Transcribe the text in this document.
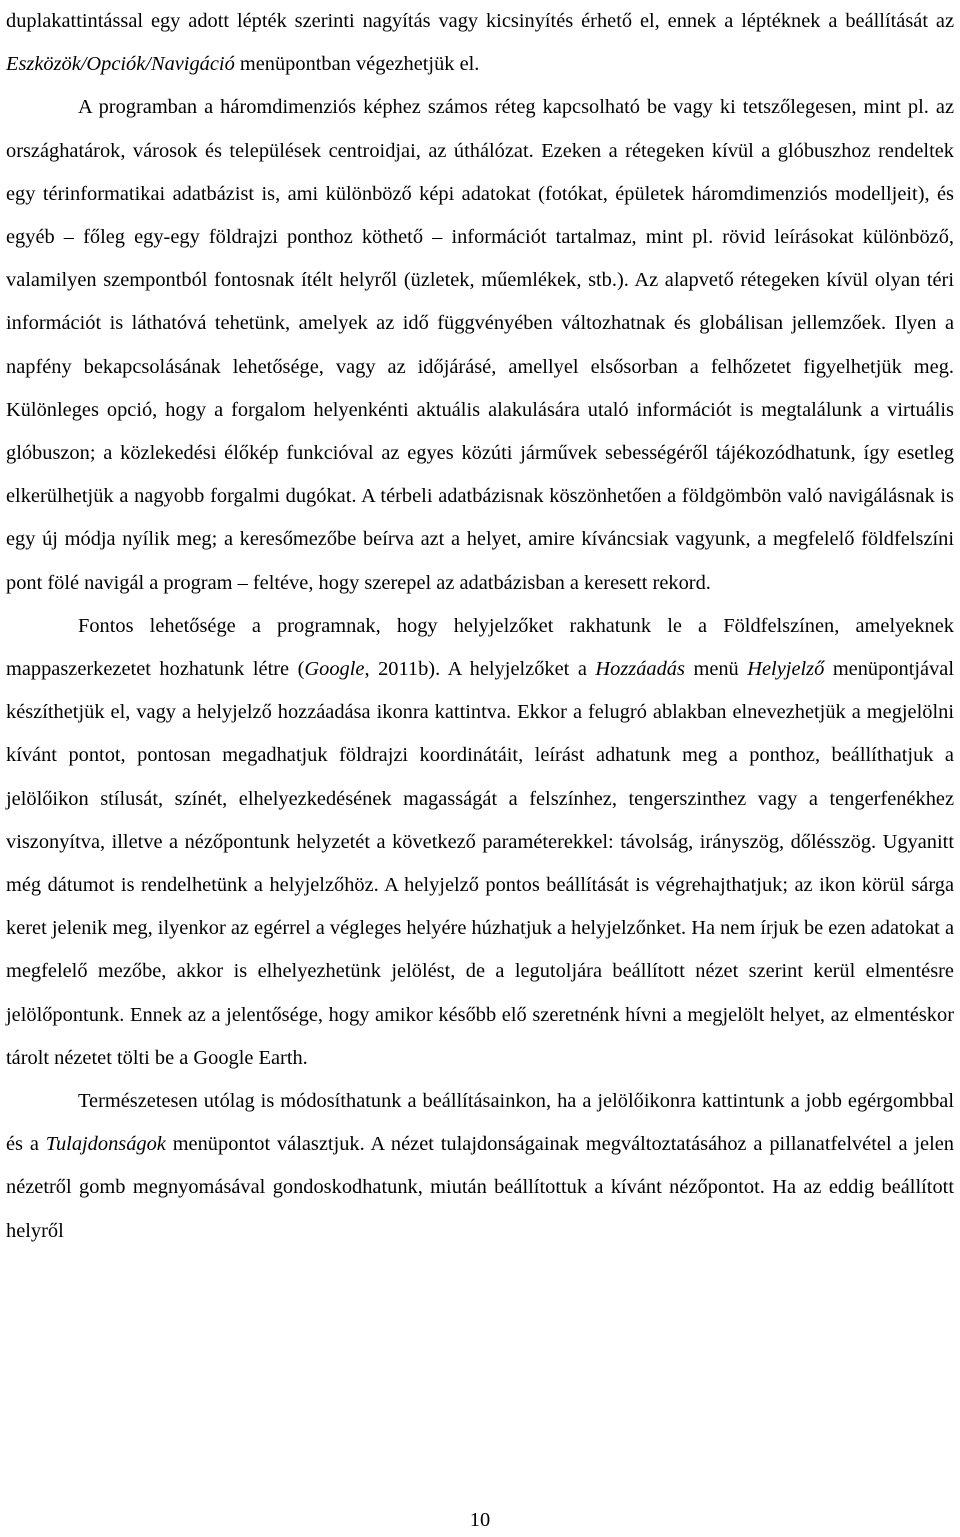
duplakattintással egy adott lépték szerinti nagyítás vagy kicsinyítés érhető el, ennek a léptéknek a beállítását az Eszközök/Opciók/Navigáció menüpontban végezhetjük el.

A programban a háromdimenziós képhez számos réteg kapcsolható be vagy ki tetszőlegesen, mint pl. az országhatárok, városok és települések centroidjai, az úthálózat. Ezeken a rétegeken kívül a glóbuszhoz rendeltek egy térinformatikai adatbázist is, ami különböző képi adatokat (fotókat, épületek háromdimenziós modelljeit), és egyéb – főleg egy-egy földrajzi ponthoz köthető – információt tartalmaz, mint pl. rövid leírásokat különböző, valamilyen szempontból fontosnak ítélt helyről (üzletek, műemlékek, stb.). Az alapvető rétegeken kívül olyan téri információt is láthatóvá tehetünk, amelyek az idő függvényében változhatnak és globálisan jellemzőek. Ilyen a napfény bekapcsolásának lehetősége, vagy az időjárásé, amellyel elsősorban a felhőzetet figyelhetjük meg. Különleges opció, hogy a forgalom helyenkénti aktuális alakulására utaló információt is megtalálunk a virtuális glóbuszon; a közlekedési élőkép funkcióval az egyes közúti járművek sebességéről tájékozódhatunk, így esetleg elkerülhetjük a nagyobb forgalmi dugókat. A térbeli adatbázisnak köszönhetően a földgömbön való navigálásnak is egy új módja nyílik meg; a keresőmezőbe beírva azt a helyet, amire kíváncsiak vagyunk, a megfelelő földfelszíni pont fölé navigál a program – feltéve, hogy szerepel az adatbázisban a keresett rekord.

Fontos lehetősége a programnak, hogy helyjelzőket rakhatunk le a Földfelszínen, amelyeknek mappaszerkezetet hozhatunk létre (Google, 2011b). A helyjelzőket a Hozzáadás menü Helyjelző menüpontjával készíthetjük el, vagy a helyjelző hozzáadása ikonra kattintva. Ekkor a felugró ablakban elnevezhetjük a megjelölni kívánt pontot, pontosan megadhatjuk földrajzi koordinátáit, leírást adhatunk meg a ponthoz, beállíthatjuk a jelölőikon stílusát, színét, elhelyezkedésének magasságát a felszínhez, tengerszinthez vagy a tengerfenékhez viszonyítva, illetve a nézőpontunk helyzetét a következő paraméterekkel: távolság, irányszög, dőlésszög. Ugyanitt még dátumot is rendelhetünk a helyjelzőhöz. A helyjelző pontos beállítását is végrehajthatjuk; az ikon körül sárga keret jelenik meg, ilyenkor az egérrel a végleges helyére húzhatjuk a helyjelzőnket. Ha nem írjuk be ezen adatokat a megfelelő mezőbe, akkor is elhelyezhetünk jelölést, de a legutoljára beállított nézet szerint kerül elmentésre jelölőpontunk. Ennek az a jelentősége, hogy amikor később elő szeretnénk hívni a megjelölt helyet, az elmentéskor tárolt nézetet tölti be a Google Earth.

Természetesen utólag is módosíthatunk a beállításainkon, ha a jelölőikonra kattintunk a jobb egérgombbal és a Tulajdonságok menüpontot választjuk. A nézet tulajdonságainak megváltoztatásához a pillanatfelvétel a jelen nézetről gomb megnyomásával gondoskodhatunk, miután beállítottuk a kívánt nézőpontot. Ha az eddig beállított helyről

10
